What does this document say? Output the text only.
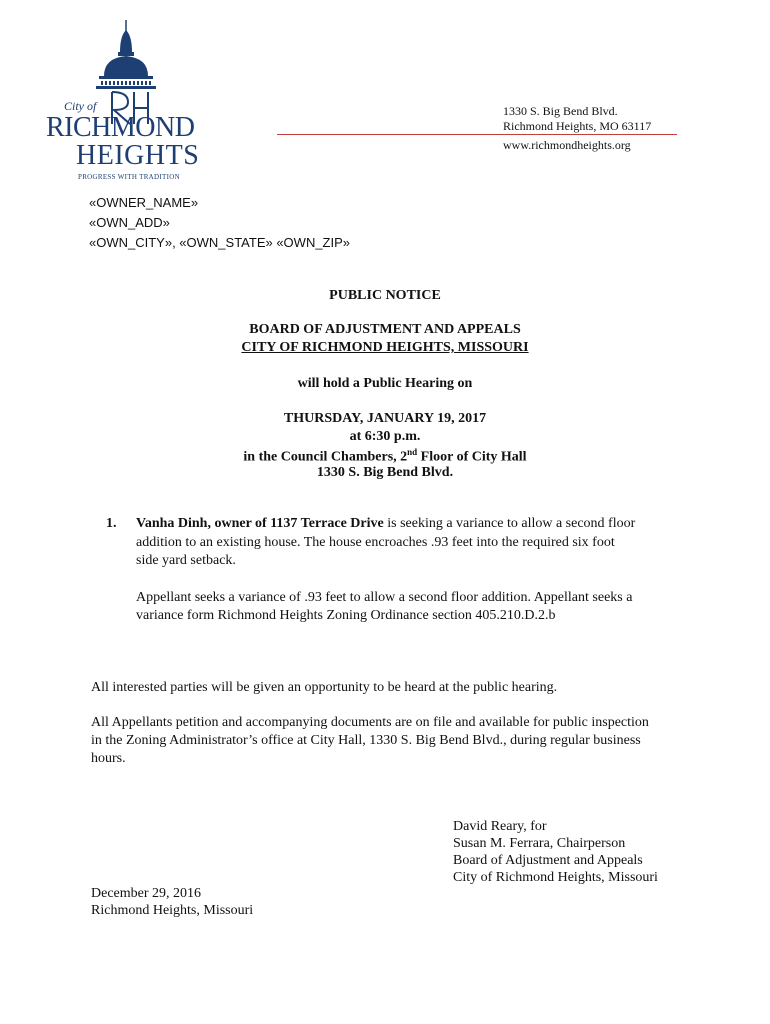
City of
RICHMOND
HEIGHTS
PROGRESS WITH TRADITION
1330 S. Big Bend Blvd.
Richmond Heights, MO 63117
www.richmondheights.org
«OWNER_NAME»
«OWN_ADD»
«OWN_CITY», «OWN_STATE» «OWN_ZIP»
PUBLIC NOTICE
BOARD OF ADJUSTMENT AND APPEALS
CITY OF RICHMOND HEIGHTS, MISSOURI
will hold a Public Hearing on
THURSDAY, JANUARY 19, 2017
at 6:30 p.m.
in the Council Chambers, 2nd Floor of City Hall
1330 S. Big Bend Blvd.
1. Vanha Dinh, owner of 1137 Terrace Drive is seeking a variance to allow a second floor
addition to an existing house. The house encroaches .93 feet into the required six foot
side yard setback.
Appellant seeks a variance of .93 feet to allow a second floor addition. Appellant seeks a
variance form Richmond Heights Zoning Ordinance section 405.210.D.2.b
All interested parties will be given an opportunity to be heard at the public hearing.
All Appellants petition and accompanying documents are on file and available for public inspection
in the Zoning Administrator’s office at City Hall, 1330 S. Big Bend Blvd., during regular business
hours.
David Reary, for
Susan M. Ferrara, Chairperson
Board of Adjustment and Appeals
City of Richmond Heights, Missouri
December 29, 2016
Richmond Heights, Missouri
